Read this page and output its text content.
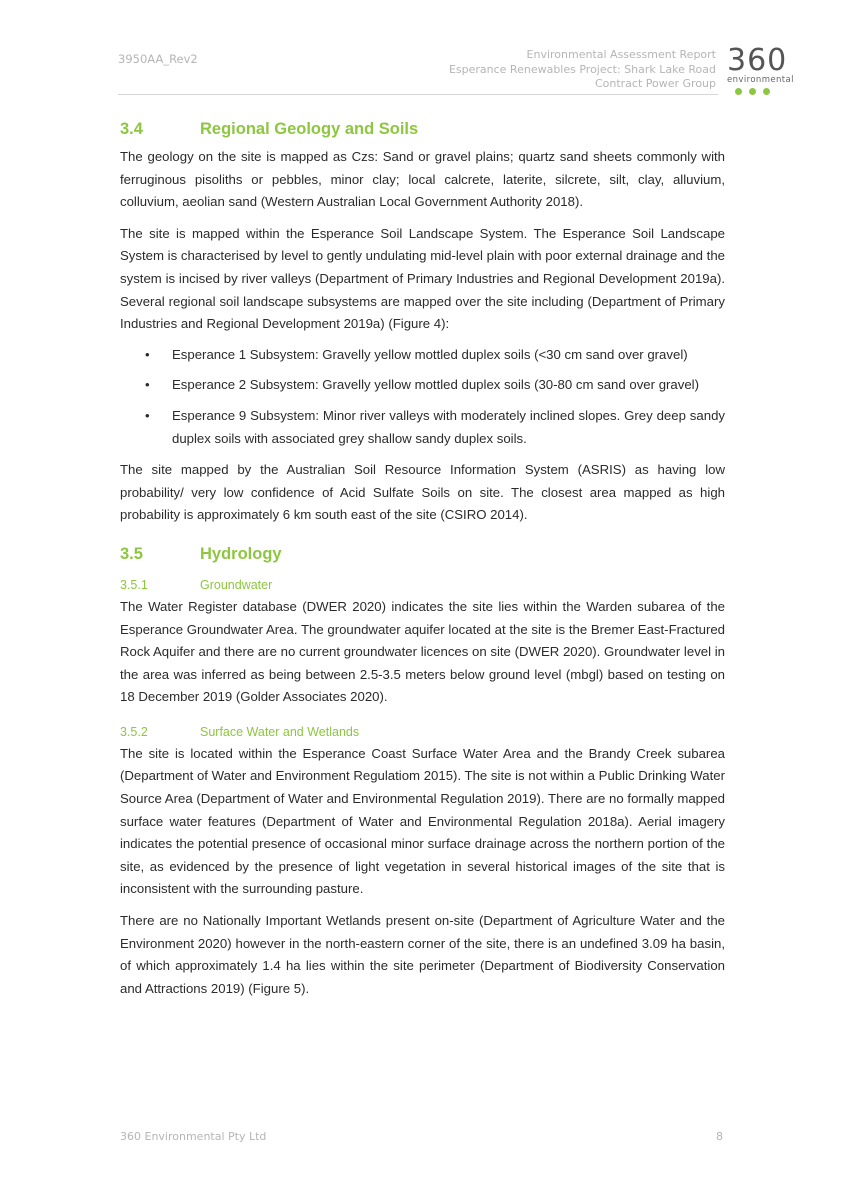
3950AA_Rev2	Environmental Assessment Report
Esperance Renewables Project: Shark Lake Road
Contract Power Group
360
environmental
3.4	Regional Geology and Soils

The geology on the site is mapped as Czs: Sand or gravel plains; quartz sand sheets commonly with ferruginous pisoliths or pebbles, minor clay; local calcrete, laterite, silcrete, silt, clay, alluvium, colluvium, aeolian sand (Western Australian Local Government Authority 2018).

The site is mapped within the Esperance Soil Landscape System. The Esperance Soil Landscape System is characterised by level to gently undulating mid-level plain with poor external drainage and the system is incised by river valleys (Department of Primary Industries and Regional Development 2019a). Several regional soil landscape subsystems are mapped over the site including (Department of Primary Industries and Regional Development 2019a) (Figure 4):

• Esperance 1 Subsystem: Gravelly yellow mottled duplex soils (<30 cm sand over gravel)
• Esperance 2 Subsystem: Gravelly yellow mottled duplex soils (30-80 cm sand over gravel)
• Esperance 9 Subsystem: Minor river valleys with moderately inclined slopes. Grey deep sandy duplex soils with associated grey shallow sandy duplex soils.

The site mapped by the Australian Soil Resource Information System (ASRIS) as having low probability/ very low confidence of Acid Sulfate Soils on site. The closest area mapped as high probability is approximately 6 km south east of the site (CSIRO 2014).

3.5	Hydrology
3.5.1	Groundwater

The Water Register database (DWER 2020) indicates the site lies within the Warden subarea of the Esperance Groundwater Area. The groundwater aquifer located at the site is the Bremer East-Fractured Rock Aquifer and there are no current groundwater licences on site (DWER 2020). Groundwater level in the area was inferred as being between 2.5-3.5 meters below ground level (mbgl) based on testing on 18 December 2019 (Golder Associates 2020).

3.5.2	Surface Water and Wetlands

The site is located within the Esperance Coast Surface Water Area and the Brandy Creek subarea (Department of Water and Environment Regulatiom 2015). The site is not within a Public Drinking Water Source Area (Department of Water and Environmental Regulation 2019). There are no formally mapped surface water features (Department of Water and Environmental Regulation 2018a). Aerial imagery indicates the potential presence of occasional minor surface drainage across the northern portion of the site, as evidenced by the presence of light vegetation in several historical images of the site that is inconsistent with the surrounding pasture.

There are no Nationally Important Wetlands present on-site (Department of Agriculture Water and the Environment 2020) however in the north-eastern corner of the site, there is an undefined 3.09 ha basin, of which approximately 1.4 ha lies within the site perimeter (Department of Biodiversity Conservation and Attractions 2019) (Figure 5).

360 Environmental Pty Ltd	8
